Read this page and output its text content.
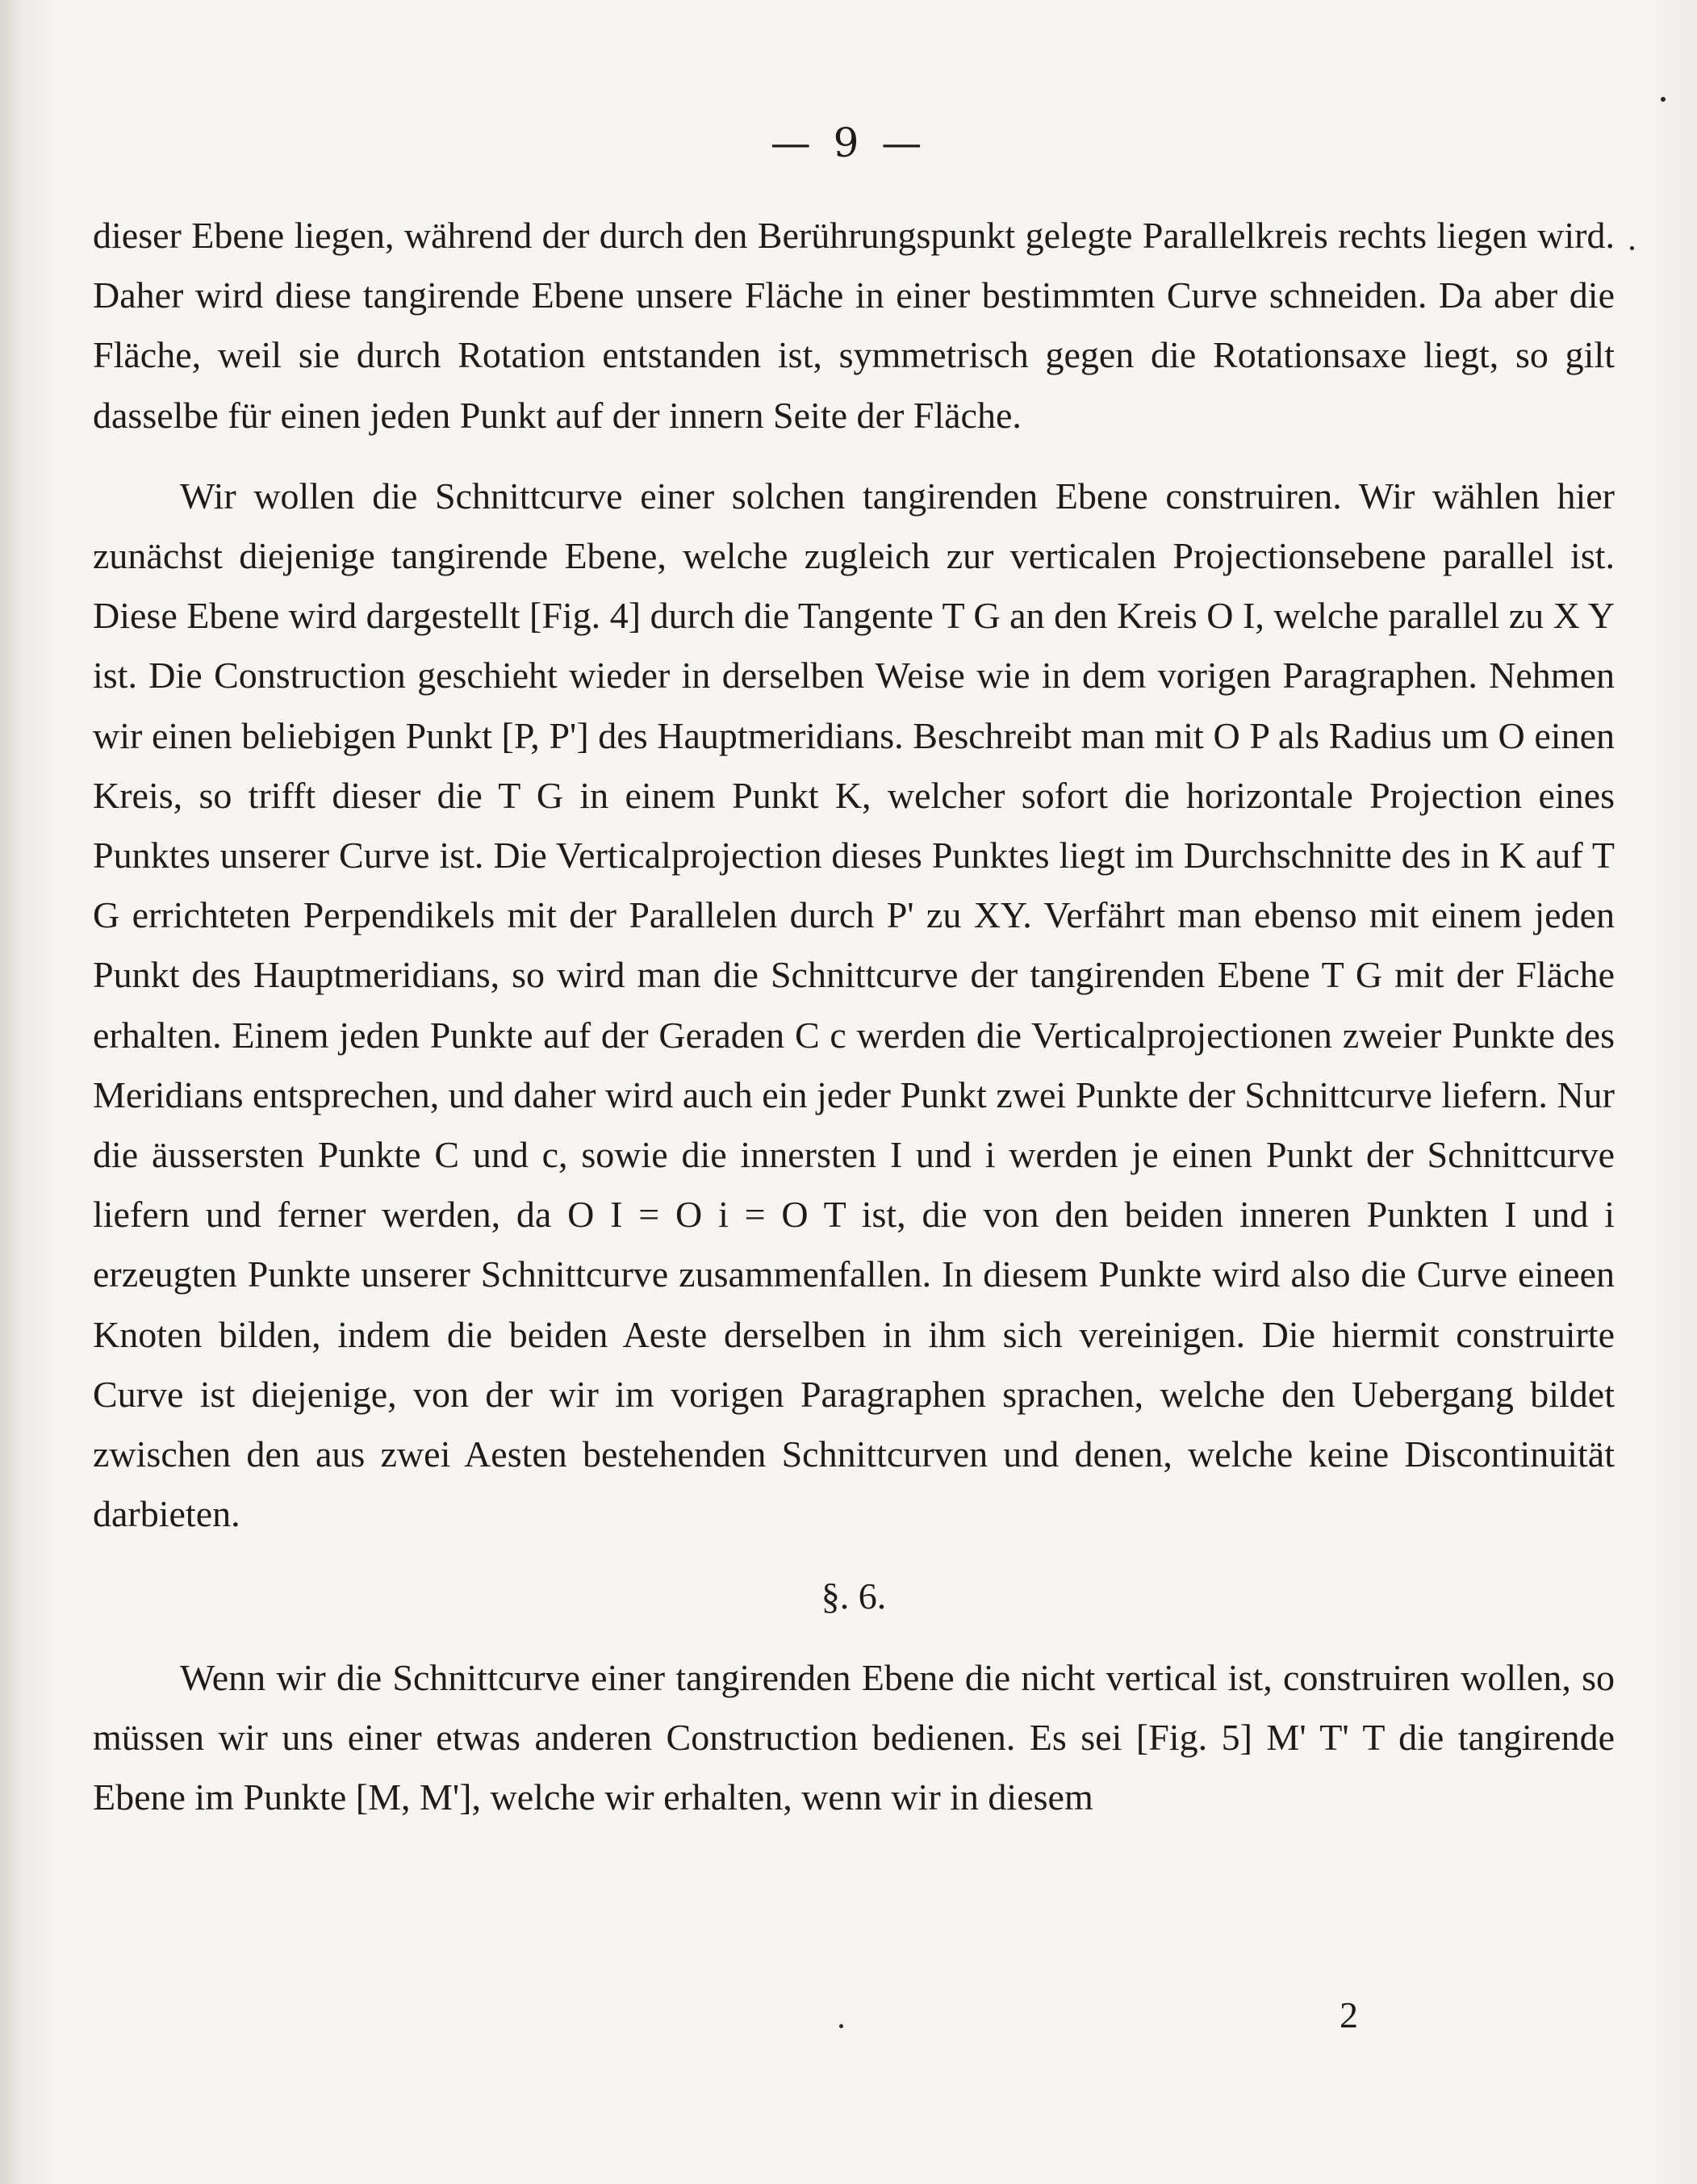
— 9 —

dieser Ebene liegen, während der durch den Berührungspunkt gelegte Parallelkreis rechts liegen wird. Daher wird diese tangirende Ebene unsere Fläche in einer bestimmten Curve schneiden. Da aber die Fläche, weil sie durch Rotation entstanden ist, symmetrisch gegen die Rotationsaxe liegt, so gilt dasselbe für einen jeden Punkt auf der innern Seite der Fläche.

Wir wollen die Schnittcurve einer solchen tangirenden Ebene construiren. Wir wählen hier zunächst diejenige tangirende Ebene, welche zugleich zur verticalen Projectionsebene parallel ist. Diese Ebene wird dargestellt [Fig. 4] durch die Tangente T G an den Kreis O I, welche parallel zu X Y ist. Die Construction geschieht wieder in derselben Weise wie in dem vorigen Paragraphen. Nehmen wir einen beliebigen Punkt [P, P'] des Hauptmeridians. Beschreibt man mit O P als Radius um O einen Kreis, so trifft dieser die T G in einem Punkt K, welcher sofort die horizontale Projection eines Punktes unserer Curve ist. Die Verticalprojection dieses Punktes liegt im Durchschnitte des in K auf T G errichteten Perpendikels mit der Parallelen durch P' zu XY. Verfährt man ebenso mit einem jeden Punkt des Hauptmeridians, so wird man die Schnittcurve der tangirenden Ebene T G mit der Fläche erhalten. Einem jeden Punkte auf der Geraden C c werden die Verticalprojectionen zweier Punkte des Meridians entsprechen, und daher wird auch ein jeder Punkt zwei Punkte der Schnittcurve liefern. Nur die äussersten Punkte C und c, sowie die innersten I und i werden je einen Punkt der Schnittcurve liefern und ferner werden, da O I = O i = O T ist, die von den beiden inneren Punkten I und i erzeugten Punkte unserer Schnittcurve zusammenfallen. In diesem Punkte wird also die Curve eineen Knoten bilden, indem die beiden Aeste derselben in ihm sich vereinigen. Die hiermit construirte Curve ist diejenige, von der wir im vorigen Paragraphen sprachen, welche den Uebergang bildet zwischen den aus zwei Aesten bestehenden Schnittcurven und denen, welche keine Discontinuität darbieten.

§. 6.

Wenn wir die Schnittcurve einer tangirenden Ebene die nicht vertical ist, construiren wollen, so müssen wir uns einer etwas anderen Construction bedienen. Es sei [Fig. 5] M' T' T die tangirende Ebene im Punkte [M, M'], welche wir erhalten, wenn wir in diesem

2
